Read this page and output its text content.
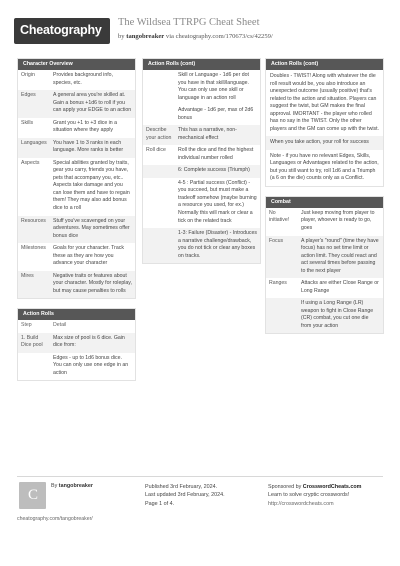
Cheatography
The Wildsea TTRPG Cheat Sheet
by tangobreaker via cheatography.com/170673/cs/42259/
Character Overview
Origin	Provides background info, species, etc.
Edges	A general area you're skilled at. Gain a bonus +1d6 to roll if you can apply your EDGE to an action
Skills	Grant you +1 to +3 dice in a situation where they apply
Languages	You have 1 to 3 ranks in each language. More ranks is better
Aspects	Special abilities granted by traits, gear you carry, friends you have, pets that accompany you, etc.. Aspects take damage and you can lose them and have to regain them! They may also add bonus dice to a roll
Resources	Stuff you've scavenged on your adventures. May sometimes offer bonus dice
Milestones	Goals for your character. Track these as they are how you advance your character
Mires	Negative traits or features about your character. Mostly for roleplay, but may cause penalties to rolls
Action Rolls
Step	Detail
1. Build Dice pool	Max size of pool is 6 dice. Gain dice from:
	Edges - up to 1d6 bonus dice. You can only use one edge in an action
Action Rolls (cont)
	Skill or Language - 1d6 per dot you have in that skill/language. You can only use one skill or language in an action roll
	Advantage - 1d6 per, max of 2d6 bonus
Describe your action	This has a narrative, non-mechanical effect
Roll dice	Roll the dice and find the highest individual number rolled
	6: Complete success (Triumph)
	4-5 : Partial success (Conflict) - you succeed, but must make a tradeoff somehow (maybe burning a resource you used, for ex.) Normally this will mark or clear a tick on the related track
	1-3: Failure (Disaster) - Introduces a narrative challenge/drawback, you do not tick or clear any boxes on tracks.
Action Rolls (cont)
Doubles - TWIST! Along with whatever the die roll result would be, you also introduce an unexpected outcome (usually positive) that's related to the action and situation. Players can suggest the twist, but GM makes the final approval. IMORTANT - the player who rolled has no say in the TWIST. Only the other players and the GM can come up with the twist.
When you take action, your roll for success
Note - if you have no relevant Edges, Skills, Languages or Advantages related to the action, but you still want to try, roll 1d6 and a Triumph (a 6 on the die) counts only as a Conflict.
Combat
No initiative!	Just keep moving from player to player, whoever is ready to go, goes
Focus	A player's "round" (time they have focus) has no set time limit or action limit. They could react and act several times before passing to the next player
Ranges	Attacks are either Close Range or Long Range
	If using a Long Range (LR) weapon to fight in Close Range (CR) combat, you cut one die from your action
C
By tangobreaker
cheatography.com/tangobreaker/
Published 3rd February, 2024.
Last updated 3rd February, 2024.
Page 1 of 4.
Sponsored by CrosswordCheats.com
Learn to solve cryptic crosswords!
http://crosswordcheats.com
